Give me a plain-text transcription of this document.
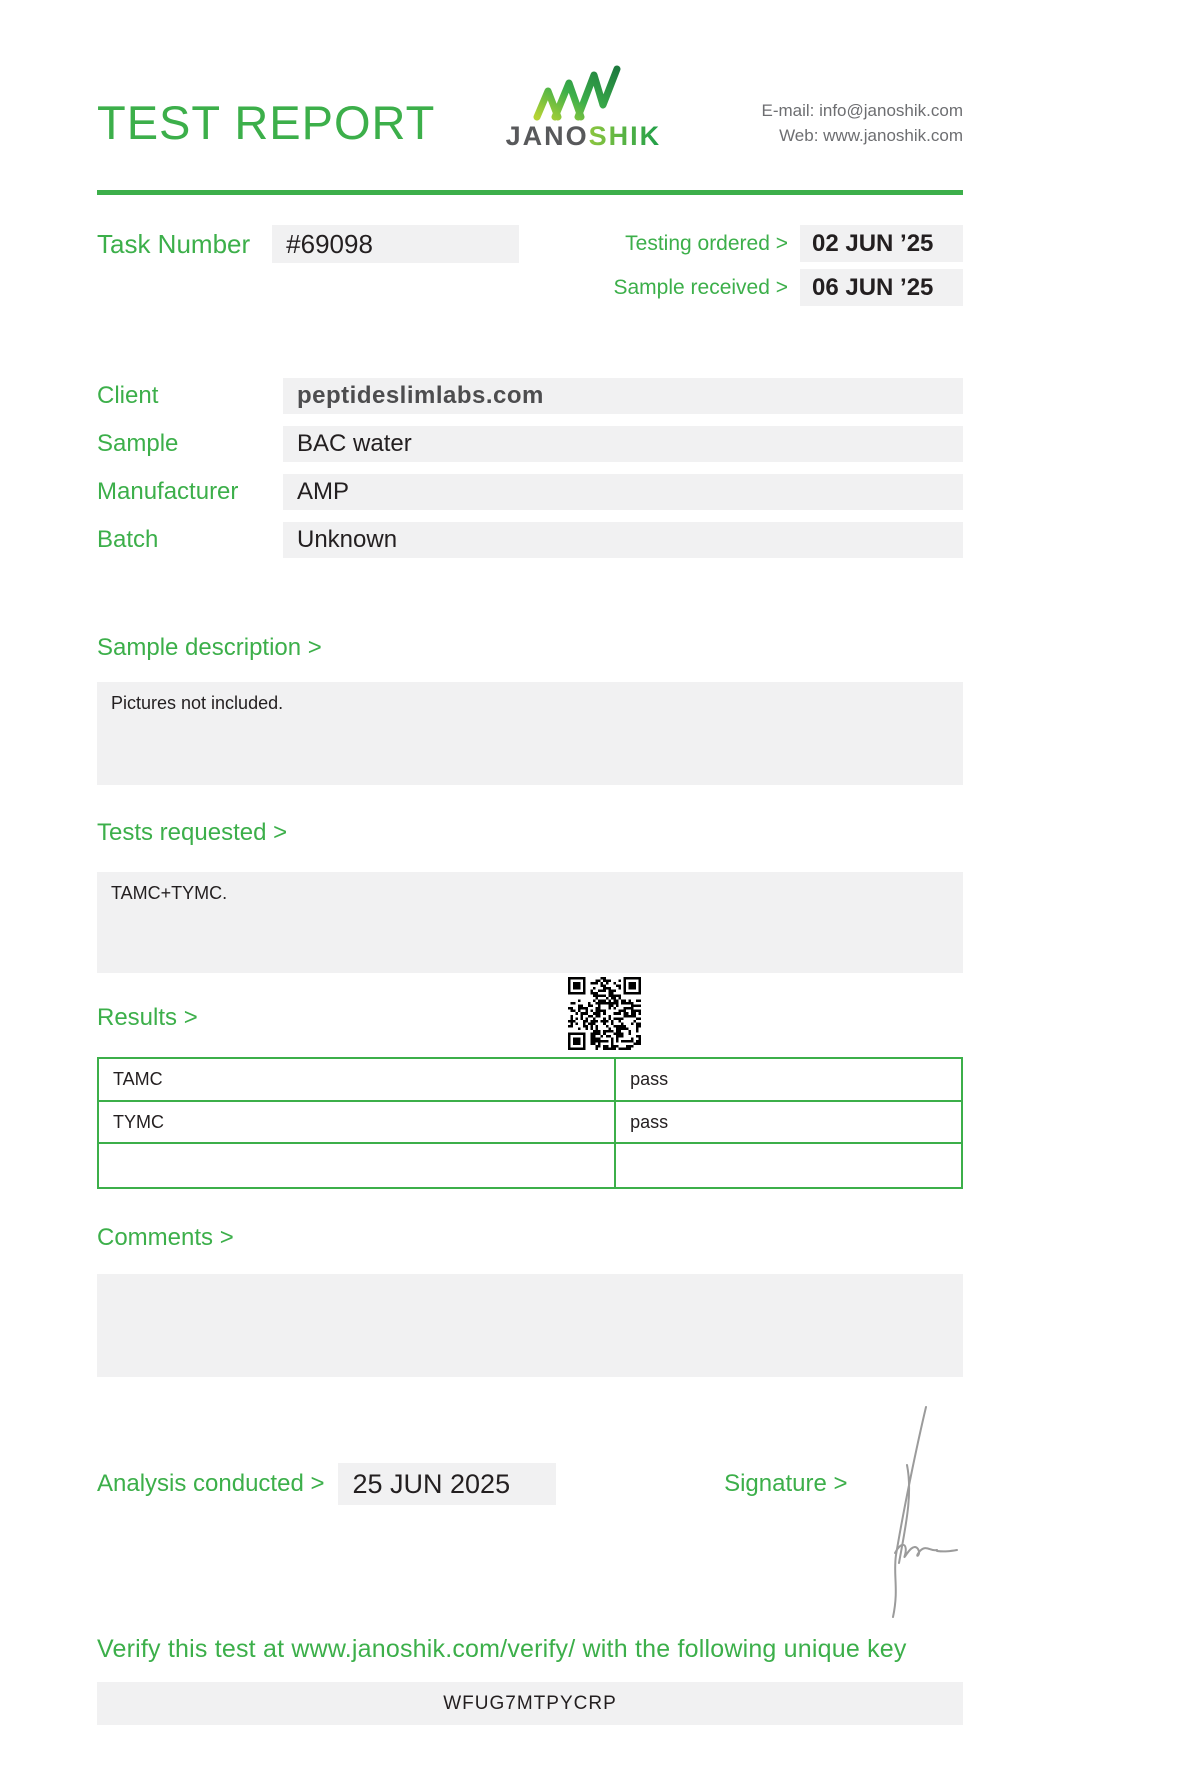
TEST REPORT	JANOSHIK
E-mail: info@janoshik.com
Web: www.janoshik.com
Task Number	#69098	Testing ordered >	02 JUN ’25
Sample received >	06 JUN ’25
Client	peptideslimlabs.com
Sample	BAC water
Manufacturer	AMP
Batch	Unknown
Sample description >
Pictures not included.
Tests requested >
TAMC+TYMC.
Results >
TAMC	pass
TYMC	pass

Comments >
Analysis conducted >	25 JUN 2025	Signature >
Verify this test at www.janoshik.com/verify/ with the following unique key
WFUG7MTPYCRP
